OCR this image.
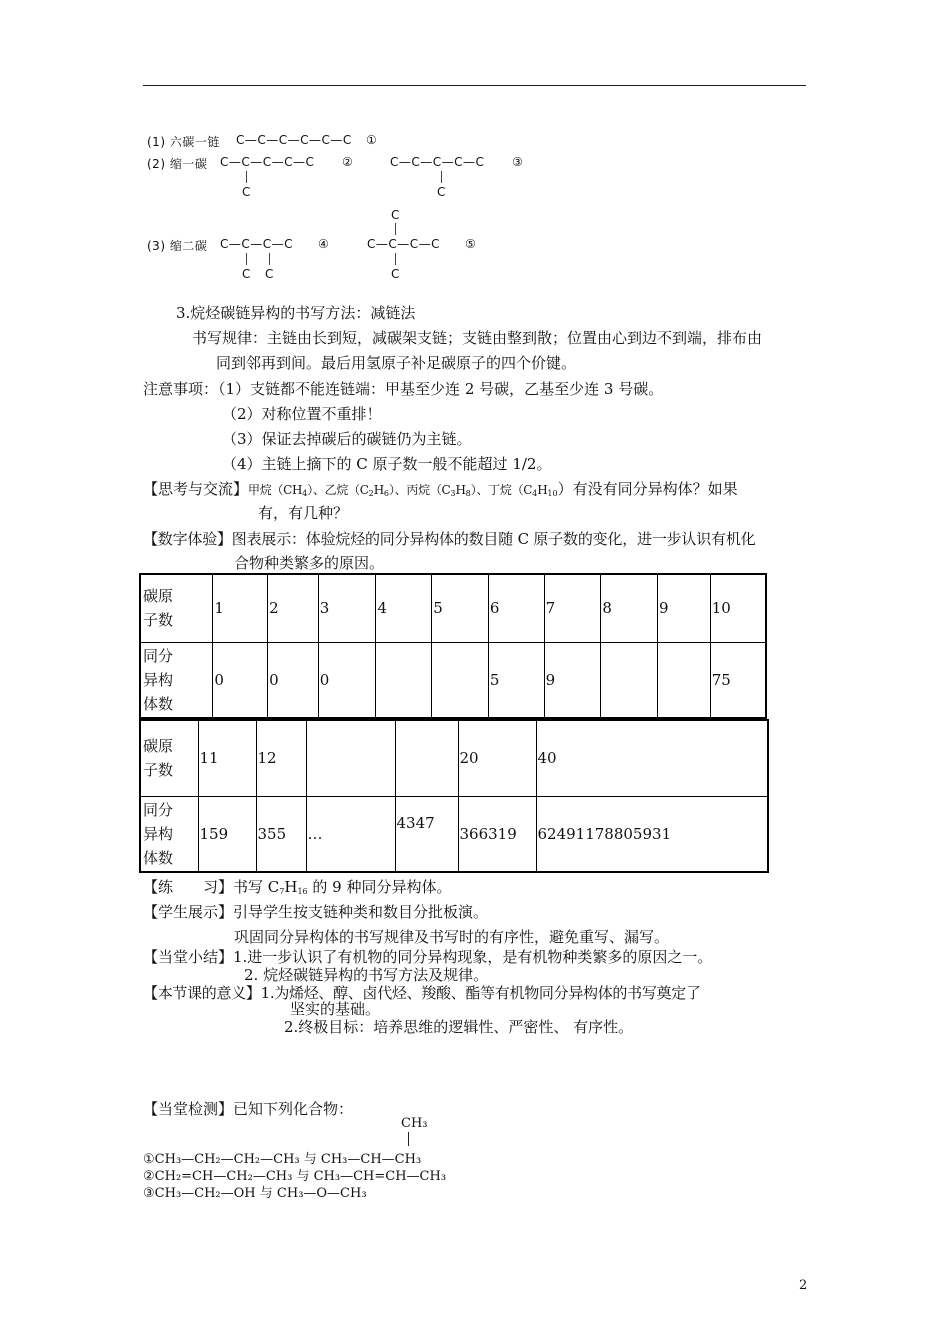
(1) 六碳一链 C—C—C—C—C—C ①
(2) 缩一碳 C—C—C—C—C ②
C
C—C—C—C—C ③
C
C
(3) 缩二碳 C—C—C—C ④	C—C—C—C ⑤
C C	C
3.烷烃碳链异构的书写方法：减链法
书写规律：主链由长到短，减碳架支链；支链由整到散；位置由心到边不到端，排布由
同到邻再到间。最后用氢原子补足碳原子的四个价键。
注意事项：（1）支链都不能连链端：甲基至少连 2 号碳，乙基至少连 3 号碳。
（2）对称位置不重排！
（3）保证去掉碳后的碳链仍为主链。
（4）主链上摘下的 C 原子数一般不能超过 1/2。
【思考与交流】甲烷$(CH_4)$、乙烷$(C_2H_6)$、丙烷$(C_3H_8)$、丁烷$(C_4H_{10})$有没有同分异构体？如果
有，有几种？
【数字体验】图表展示：体验烷烃的同分异构体的数目随 C 原子数的变化，进一步认识有机化
合物种类繁多的原因。
碳原
子数	1	2	3	4	5	6	7	8	9	10

同分
异构
体数	0	0	0			5	9			75
碳原
子数	11	12			20	40

同分
异构
体数	159	355	…	4347	366319	62491178805931
【练　　习】书写 $C_7H_{16}$ 的 9 种同分异构体。
【学生展示】引导学生按支链种类和数目分批板演。
巩固同分异构体的书写规律及书写时的有序性，避免重写、漏写。
【当堂小结】1.进一步认识了有机物的同分异构现象，是有机物种类繁多的原因之一。
2. 烷烃碳链异构的书写方法及规律。
【本节课的意义】1.为烯烃、醇、卤代烃、羧酸、酯等有机物同分异构体的书写奠定了
坚实的基础。
2.终极目标：培养思维的逻辑性、严密性、 有序性。
【当堂检测】已知下列化合物：
CH₃
①CH₃—CH₂—CH₂—CH₃ 与 CH₃—CH—CH₃
②CH₂=CH—CH₂—CH₃ 与 CH₃—CH=CH—CH₃
③CH₃—CH₂—OH 与 CH₃—O—CH₃
2
